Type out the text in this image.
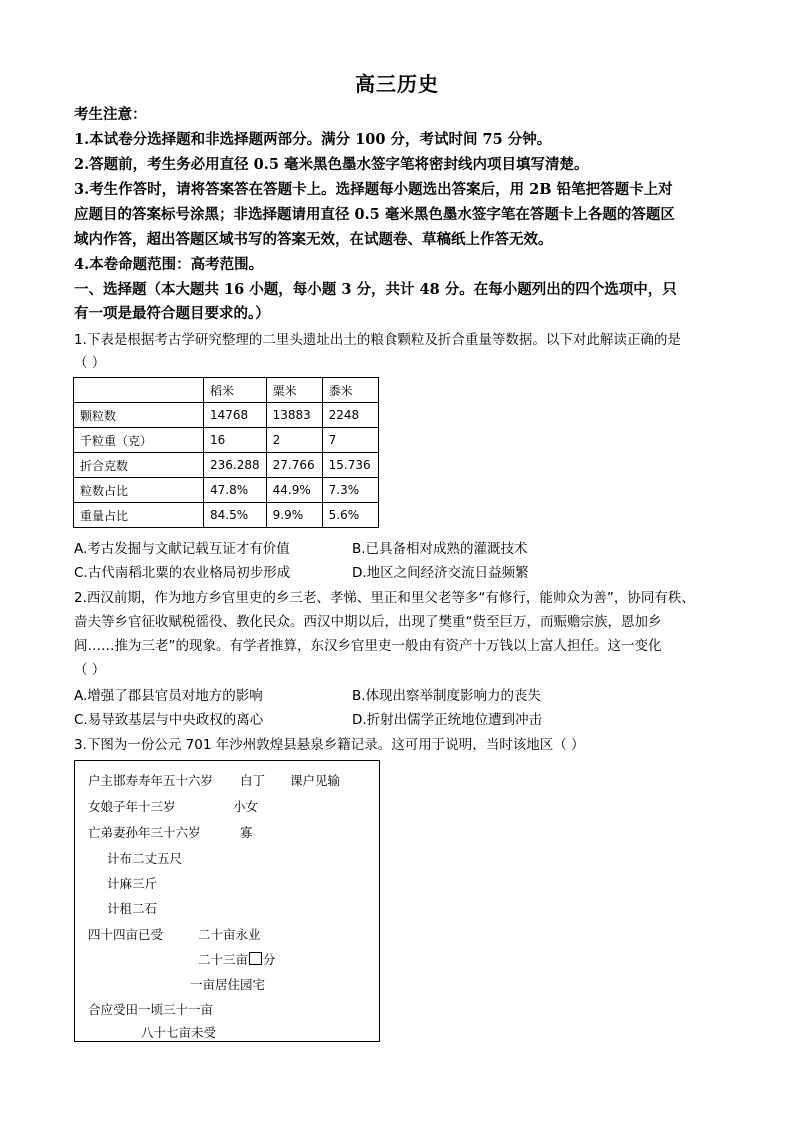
高三历史
考生注意：
1.本试卷分选择题和非选择题两部分。满分 100 分，考试时间 75 分钟。
2.答题前，考生务必用直径 0.5 毫米黑色墨水签字笔将密封线内项目填写清楚。
3.考生作答时，请将答案答在答题卡上。选择题每小题选出答案后，用 2B 铅笔把答题卡上对
应题目的答案标号涂黑；非选择题请用直径 0.5 毫米黑色墨水签字笔在答题卡上各题的答题区
域内作答，超出答题区域书写的答案无效，在试题卷、草稿纸上作答无效。
4.本卷命题范围：高考范围。
一、选择题（本大题共 16 小题，每小题 3 分，共计 48 分。在每小题列出的四个选项中，只
有一项是最符合题目要求的。）
1.下表是根据考古学研究整理的二里头遗址出土的粮食颗粒及折合重量等数据。以下对此解读正确的是
（ ）
	稻米	粟米	黍米
颗粒数	14768	13883	2248
千粒重（克）	16	2	7
折合克数	236.288	27.766	15.736
粒数占比	47.8%	44.9%	7.3%
重量占比	84.5%	9.9%	5.6%
A.考古发掘与文献记载互证才有价值	B.已具备相对成熟的灌溉技术
C.古代南稻北粟的农业格局初步形成	D.地区之间经济交流日益频繁
2.西汉前期，作为地方乡官里吏的乡三老、孝悌、里正和里父老等多“有修行，能帅众为善”，协同有秩、
啬夫等乡官征收赋税徭役、教化民众。西汉中期以后，出现了樊重“赀至巨万，而赈赡宗族，恩加乡
闾……推为三老”的现象。有学者推算，东汉乡官里吏一般由有资产十万钱以上富人担任。这一变化
（ ）
A.增强了郡县官员对地方的影响	B.体现出察举制度影响力的丧失
C.易导致基层与中央政权的离心	D.折射出儒学正统地位遭到冲击
3.下图为一份公元 701 年沙州敦煌县悬泉乡籍记录。这可用于说明，当时该地区（ ）
户主邯寿寿年五十六岁 白丁 课户见输
女娘子年十三岁	小女
亡弟妻孙年三十六岁	寡
计布二丈五尺
计麻三斤
计租二石
四十四亩已受	二十亩永业
二十三亩 分
一亩居住园宅
合应受田一顷三十一亩
八十七亩未受
